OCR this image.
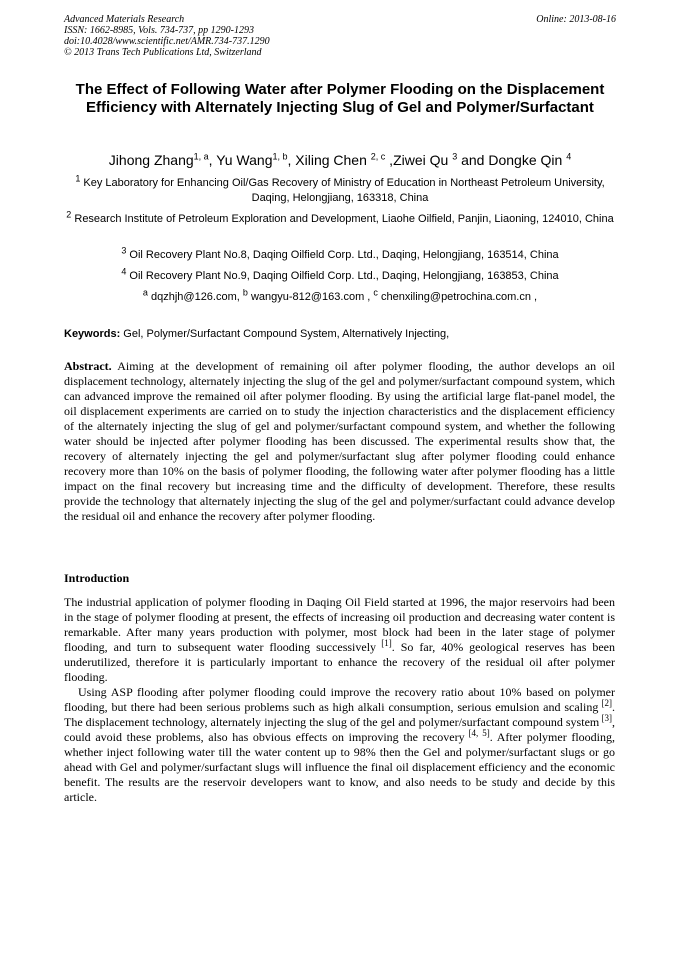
Advanced Materials Research
ISSN: 1662-8985, Vols. 734-737, pp 1290-1293
doi:10.4028/www.scientific.net/AMR.734-737.1290
© 2013 Trans Tech Publications Ltd, Switzerland
Online: 2013-08-16
The Effect of Following Water after Polymer Flooding on the Displacement Efficiency with Alternately Injecting Slug of Gel and Polymer/Surfactant
Jihong Zhang$^{1, a}$, Yu Wang$^{1, b}$, Xiling Chen $^{2, c}$ ,Ziwei Qu $^3$ and Dongke Qin $^4$
$^1$ Key Laboratory for Enhancing Oil/Gas Recovery of Ministry of Education in Northeast Petroleum University, Daqing, Helongjiang, 163318, China
$^2$ Research Institute of Petroleum Exploration and Development, Liaohe Oilfield, Panjin, Liaoning, 124010, China
$^3$ Oil Recovery Plant No.8, Daqing Oilfield Corp. Ltd., Daqing, Helongjiang, 163514, China
$^4$ Oil Recovery Plant No.9, Daqing Oilfield Corp. Ltd., Daqing, Helongjiang, 163853, China
$^a$ dqzhjh@126.com, $^b$ wangyu-812@163.com , $^c$ chenxiling@petrochina.com.cn ,
Keywords: Gel, Polymer/Surfactant Compound System, Alternatively Injecting,

Abstract. Aiming at the development of remaining oil after polymer flooding, the author develops an oil displacement technology, alternately injecting the slug of the gel and polymer/surfactant compound system, which can advanced improve the remained oil after polymer flooding. By using the artificial large flat-panel model, the oil displacement experiments are carried on to study the injection characteristics and the displacement efficiency of the alternately injecting the slug of gel and polymer/surfactant compound system, and whether the following water should be injected after polymer flooding has been discussed. The experimental results show that, the recovery of alternately injecting the gel and polymer/surfactant slug after polymer flooding could enhance recovery more than 10% on the basis of polymer flooding, the following water after polymer flooding has a little impact on the final recovery but increasing time and the difficulty of development. Therefore, these results provide the technology that alternately injecting the slug of the gel and polymer/surfactant could advance develop the residual oil and enhance the recovery after polymer flooding.

Introduction

The industrial application of polymer flooding in Daqing Oil Field started at 1996, the major reservoirs had been in the stage of polymer flooding at present, the effects of increasing oil production and decreasing water content is remarkable. After many years production with polymer, most block had been in the later stage of polymer flooding, and turn to subsequent water flooding successively [1]. So far, 40% geological reserves has been underutilized, therefore it is particularly important to enhance the recovery of the residual oil after polymer flooding.

Using ASP flooding after polymer flooding could improve the recovery ratio about 10% based on polymer flooding, but there had been serious problems such as high alkali consumption, serious emulsion and scaling [2]. The displacement technology, alternately injecting the slug of the gel and polymer/surfactant compound system [3], could avoid these problems, also has obvious effects on improving the recovery [4, 5]. After polymer flooding, whether inject following water till the water content up to 98% then the Gel and polymer/surfactant slugs or go ahead with Gel and polymer/surfactant slugs will influence the final oil displacement efficiency and the economic benefit. The results are the reservoir developers want to know, and also needs to be study and decide by this article.
